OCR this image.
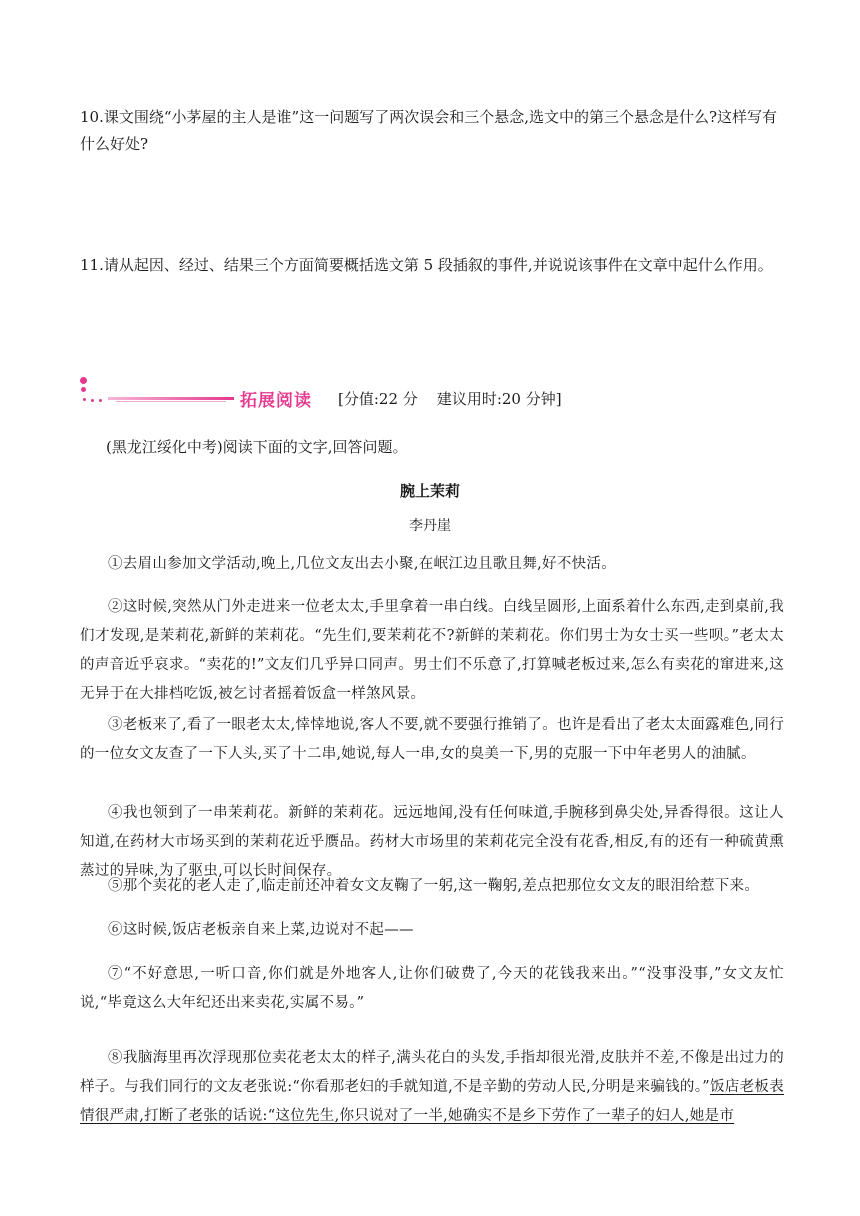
10.课文围绕“小茅屋的主人是谁”这一问题写了两次误会和三个悬念,选文中的第三个悬念是什么?这样写有什么好处?
11.请从起因、经过、结果三个方面简要概括选文第 5 段插叙的事件,并说说该事件在文章中起什么作用。
拓展阅读 [分值:22 分    建议用时:20 分钟]
(黑龙江绥化中考)阅读下面的文字,回答问题。
腕上茉莉
李丹崖

①去眉山参加文学活动,晚上,几位文友出去小聚,在岷江边且歌且舞,好不快活。

②这时候,突然从门外走进来一位老太太,手里拿着一串白线。白线呈圆形,上面系着什么东西,走到桌前,我们才发现,是茉莉花,新鲜的茉莉花。“先生们,要茉莉花不?新鲜的茉莉花。你们男士为女士买一些呗。”老太太的声音近乎哀求。“卖花的!”文友们几乎异口同声。男士们不乐意了,打算喊老板过来,怎么有卖花的窜进来,这无异于在大排档吃饭,被乞讨者摇着饭盒一样煞风景。

③老板来了,看了一眼老太太,悻悻地说,客人不要,就不要强行推销了。也许是看出了老太太面露难色,同行的一位女文友查了一下人头,买了十二串,她说,每人一串,女的臭美一下,男的克服一下中年老男人的油腻。

④我也领到了一串茉莉花。新鲜的茉莉花。远远地闻,没有任何味道,手腕移到鼻尖处,异香得很。这让人知道,在药材大市场买到的茉莉花近乎赝品。药材大市场里的茉莉花完全没有花香,相反,有的还有一种硫黄熏蒸过的异味,为了驱虫,可以长时间保存。

⑤那个卖花的老人走了,临走前还冲着女文友鞠了一躬,这一鞠躬,差点把那位女文友的眼泪给惹下来。

⑥这时候,饭店老板亲自来上菜,边说对不起——

⑦“不好意思,一听口音,你们就是外地客人,让你们破费了,今天的花钱我来出。”“没事没事,”女文友忙说,“毕竟这么大年纪还出来卖花,实属不易。”

⑧我脑海里再次浮现那位卖花老太太的样子,满头花白的头发,手指却很光滑,皮肤并不差,不像是出过力的样子。与我们同行的文友老张说:“你看那老妇的手就知道,不是辛勤的劳动人民,分明是来骗钱的。”饭店老板表情很严肃,打断了老张的话说:“这位先生,你只说对了一半,她确实不是乡下劳作了一辈子的妇人,她是市
